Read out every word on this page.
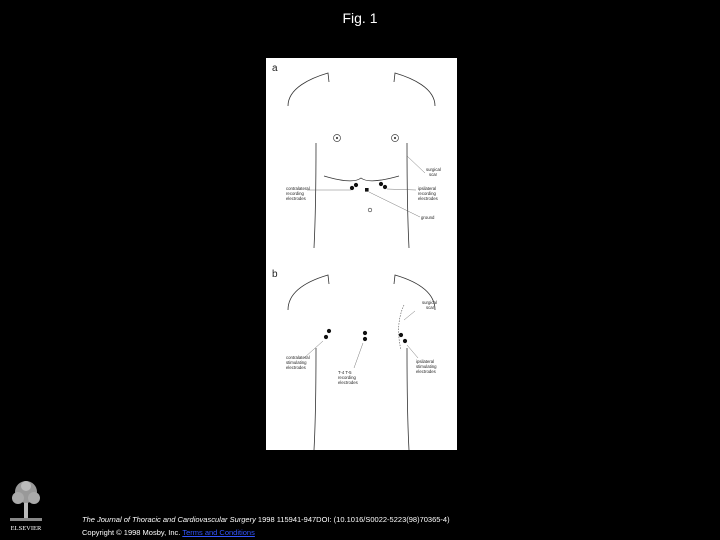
Fig. 1
a
surgical
scar
contralateral
recording
electrodes
ipsilateral
recording
electrodes
ground
b
surgical
scar
contralateral
stimulating
electrodes
T-4 T-5
recording
electrodes
ipsilateral
stimulating
electrodes
ELSEVIER
The Journal of Thoracic and Cardiovascular Surgery 1998 115941-947DOI: (10.1016/S0022-5223(98)70365-4)
Copyright © 1998 Mosby, Inc. Terms and Conditions
